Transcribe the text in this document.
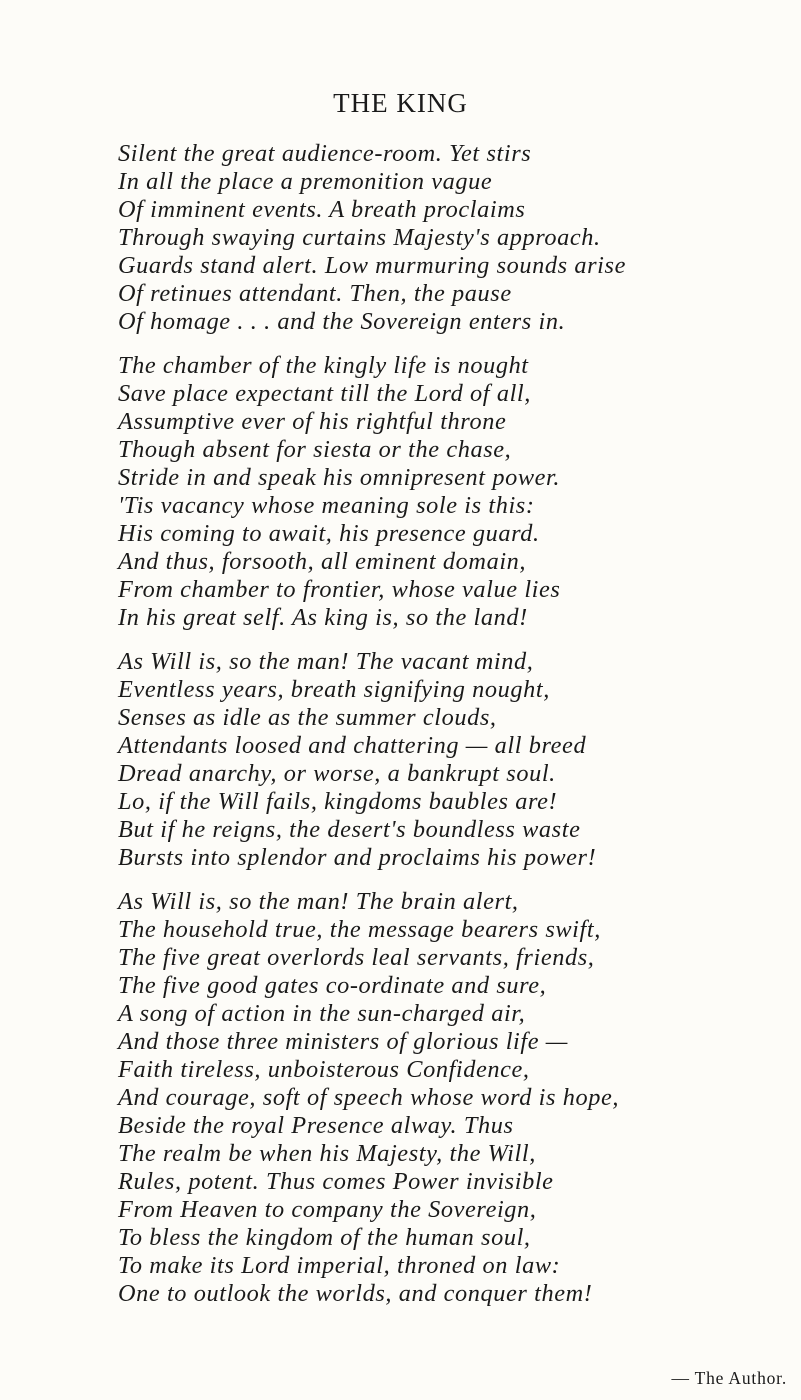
THE KING
Silent the great audience-room. Yet stirs
In all the place a premonition vague
Of imminent events. A breath proclaims
Through swaying curtains Majesty's approach.
Guards stand alert. Low murmuring sounds arise
Of retinues attendant. Then, the pause
Of homage . . . and the Sovereign enters in.
The chamber of the kingly life is nought
Save place expectant till the Lord of all,
Assumptive ever of his rightful throne
Though absent for siesta or the chase,
Stride in and speak his omnipresent power.
'Tis vacancy whose meaning sole is this:
His coming to await, his presence guard.
And thus, forsooth, all eminent domain,
From chamber to frontier, whose value lies
In his great self. As king is, so the land!
As Will is, so the man! The vacant mind,
Eventless years, breath signifying nought,
Senses as idle as the summer clouds,
Attendants loosed and chattering — all breed
Dread anarchy, or worse, a bankrupt soul.
Lo, if the Will fails, kingdoms baubles are!
But if he reigns, the desert's boundless waste
Bursts into splendor and proclaims his power!
As Will is, so the man! The brain alert,
The household true, the message bearers swift,
The five great overlords leal servants, friends,
The five good gates co-ordinate and sure,
A song of action in the sun-charged air,
And those three ministers of glorious life —
Faith tireless, unboisterous Confidence,
And courage, soft of speech whose word is hope,
Beside the royal Presence alway. Thus
The realm be when his Majesty, the Will,
Rules, potent. Thus comes Power invisible
From Heaven to company the Sovereign,
To bless the kingdom of the human soul,
To make its Lord imperial, throned on law:
One to outlook the worlds, and conquer them!
— The Author.
